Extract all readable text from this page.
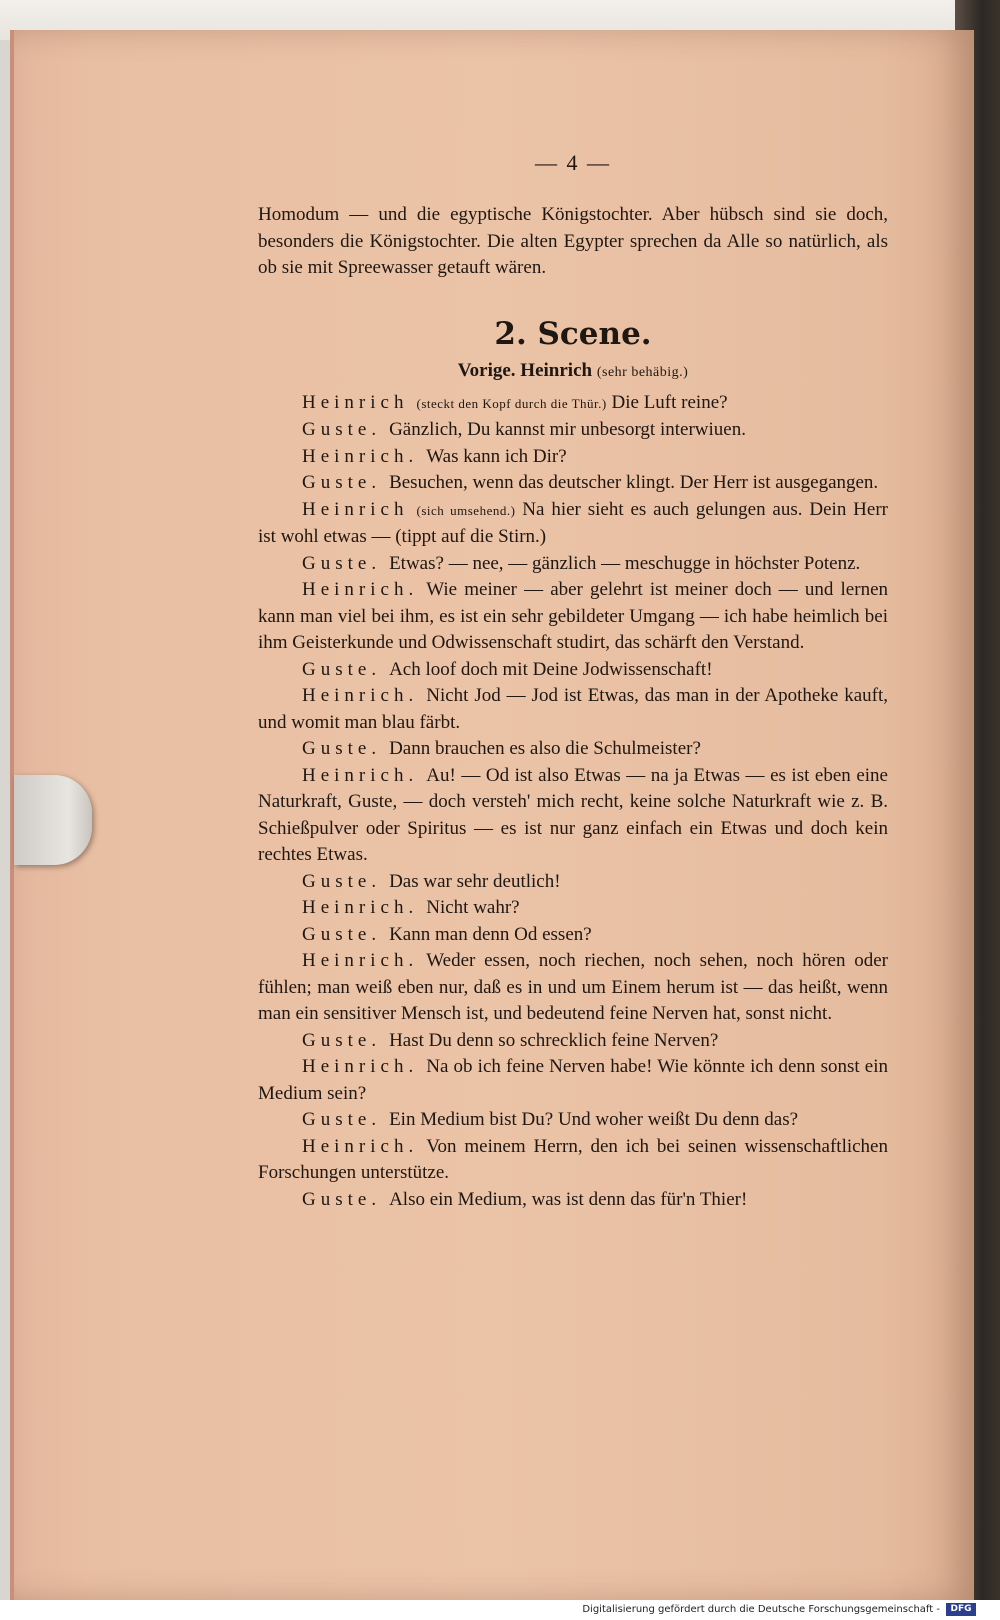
— 4 —

Homodum — und die egyptische Königstochter. Aber hübsch sind sie doch, besonders die Königstochter. Die alten Egypter sprechen da Alle so natürlich, als ob sie mit Spreewasser getauft wären.

2. Scene.
Vorige. Heinrich (sehr behäbig.)

Heinrich (steckt den Kopf durch die Thür.) Die Luft reine?

Guste. Gänzlich, Du kannst mir unbesorgt interwiuen.

Heinrich. Was kann ich Dir?

Guste. Besuchen, wenn das deutscher klingt. Der Herr ist ausgegangen.

Heinrich (sich umsehend.) Na hier sieht es auch gelungen aus. Dein Herr ist wohl etwas — (tippt auf die Stirn.)

Guste. Etwas? — nee, — gänzlich — meschugge in höchster Potenz.

Heinrich. Wie meiner — aber gelehrt ist meiner doch — und lernen kann man viel bei ihm, es ist ein sehr gebildeter Umgang — ich habe heimlich bei ihm Geisterkunde und Odwissenschaft studirt, das schärft den Verstand.

Guste. Ach loof doch mit Deine Jodwissenschaft!

Heinrich. Nicht Jod — Jod ist Etwas, das man in der Apotheke kauft, und womit man blau färbt.

Guste. Dann brauchen es also die Schulmeister?

Heinrich. Au! — Od ist also Etwas — na ja Etwas — es ist eben eine Naturkraft, Guste, — doch versteh' mich recht, keine solche Naturkraft wie z. B. Schießpulver oder Spiritus — es ist nur ganz einfach ein Etwas und doch kein rechtes Etwas.

Guste. Das war sehr deutlich!

Heinrich. Nicht wahr?

Guste. Kann man denn Od essen?

Heinrich. Weder essen, noch riechen, noch sehen, noch hören oder fühlen; man weiß eben nur, daß es in und um Einem herum ist — das heißt, wenn man ein sensitiver Mensch ist, und bedeutend feine Nerven hat, sonst nicht.

Guste. Hast Du denn so schrecklich feine Nerven?

Heinrich. Na ob ich feine Nerven habe! Wie könnte ich denn sonst ein Medium sein?

Guste. Ein Medium bist Du? Und woher weißt Du denn das?

Heinrich. Von meinem Herrn, den ich bei seinen wissenschaftlichen Forschungen unterstütze.

Guste. Also ein Medium, was ist denn das für'n Thier!

Digitalisierung gefördert durch die Deutsche Forschungsgemeinschaft -	DFG
